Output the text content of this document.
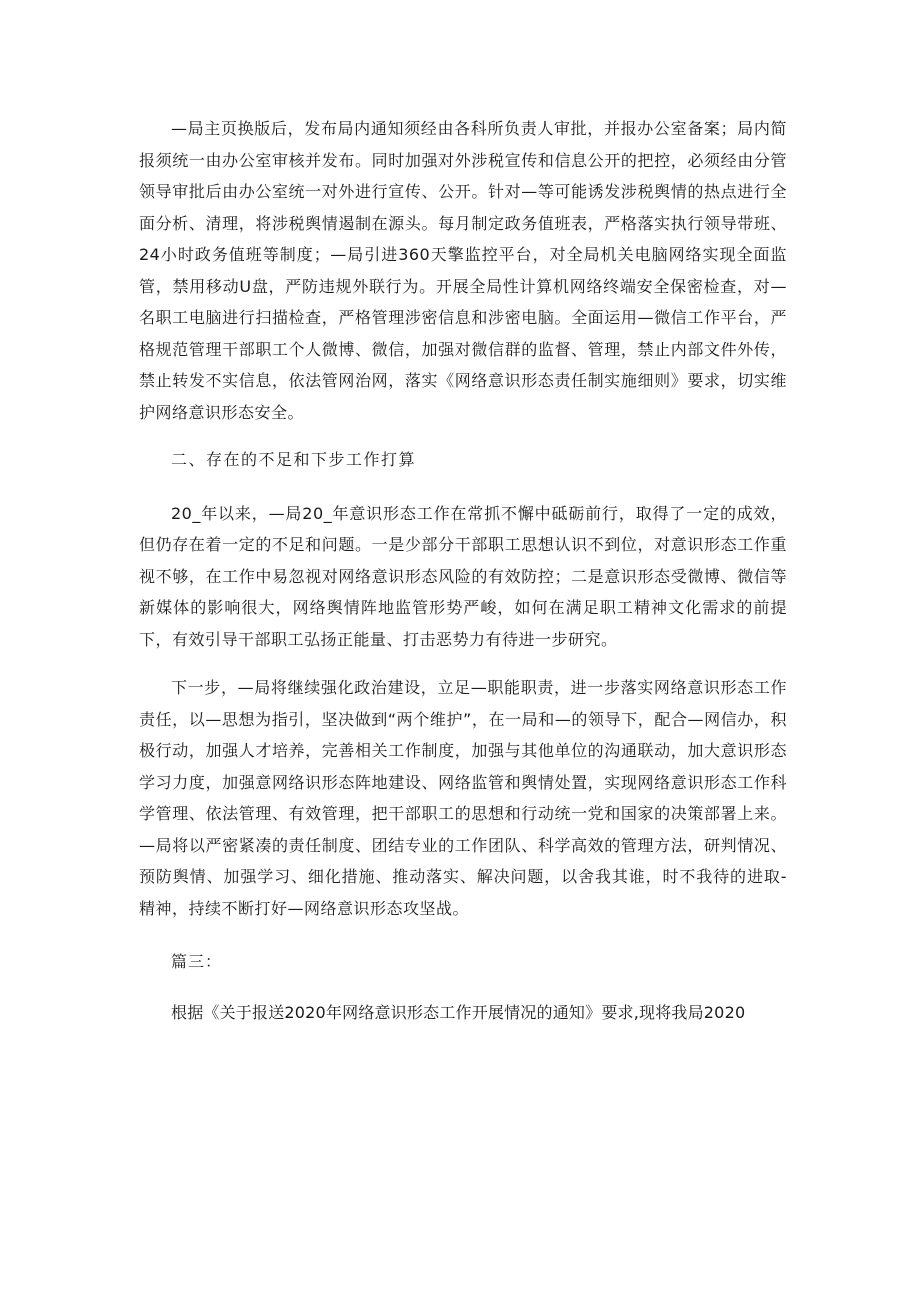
—局主页换版后，发布局内通知须经由各科所负责人审批，并报办公室备案；局内简报须统一由办公室审核并发布。同时加强对外涉税宣传和信息公开的把控，必须经由分管领导审批后由办公室统一对外进行宣传、公开。针对—等可能诱发涉税舆情的热点进行全面分析、清理，将涉税舆情遏制在源头。每月制定政务值班表，严格落实执行领导带班、24小时政务值班等制度；—局引进360天擎监控平台，对全局机关电脑网络实现全面监管，禁用移动U盘，严防违规外联行为。开展全局性计算机网络终端安全保密检查，对—名职工电脑进行扫描检查，严格管理涉密信息和涉密电脑。全面运用—微信工作平台，严格规范管理干部职工个人微博、微信，加强对微信群的监督、管理，禁止内部文件外传，禁止转发不实信息，依法管网治网，落实《网络意识形态责任制实施细则》要求，切实维护网络意识形态安全。

二、存在的不足和下步工作打算

20_年以来，—局20_年意识形态工作在常抓不懈中砥砺前行，取得了一定的成效，但仍存在着一定的不足和问题。一是少部分干部职工思想认识不到位，对意识形态工作重视不够，在工作中易忽视对网络意识形态风险的有效防控；二是意识形态受微博、微信等新媒体的影响很大，网络舆情阵地监管形势严峻，如何在满足职工精神文化需求的前提下，有效引导干部职工弘扬正能量、打击恶势力有待进一步研究。

下一步，—局将继续强化政治建设，立足—职能职责，进一步落实网络意识形态工作责任，以—思想为指引，坚决做到“两个维护”，在一局和—的领导下，配合—网信办，积极行动，加强人才培养，完善相关工作制度，加强与其他单位的沟通联动，加大意识形态学习力度，加强意网络识形态阵地建设、网络监管和舆情处置，实现网络意识形态工作科学管理、依法管理、有效管理，把干部职工的思想和行动统一党和国家的决策部署上来。—局将以严密紧凑的责任制度、团结专业的工作团队、科学高效的管理方法，研判情况、预防舆情、加强学习、细化措施、推动落实、解决问题，以舍我其谁，时不我待的进取-精神，持续不断打好—网络意识形态攻坚战。

篇三：

根据《关于报送2020年网络意识形态工作开展情况的通知》要求,现将我局2020
